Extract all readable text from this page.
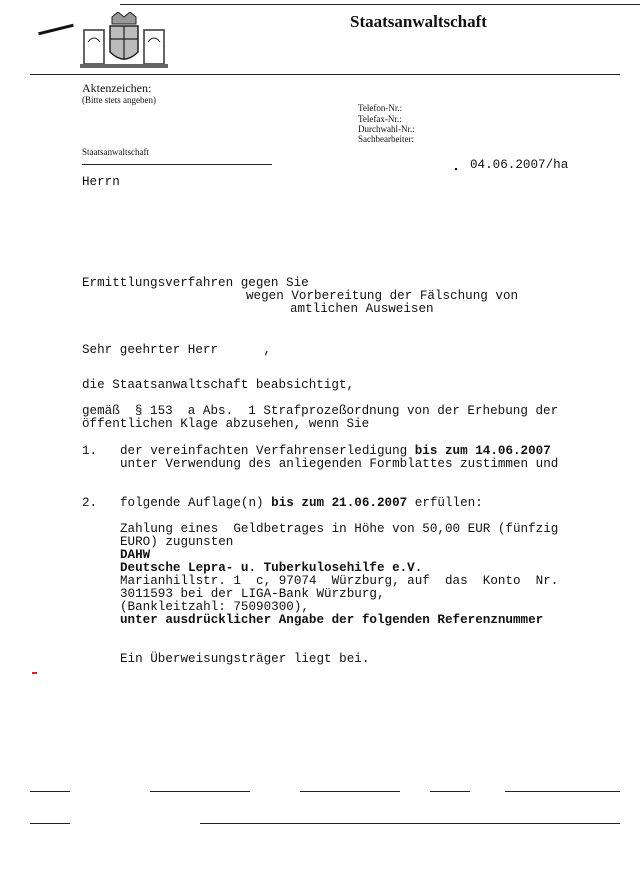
Staatsanwaltschaft
Aktenzeichen:
(Bitte stets angeben)
Telefon-Nr.:
Telefax-Nr.:
Durchwahl-Nr.:
Sachbearbeiter:
Staatsanwaltschaft
04.06.2007/ha
Herrn
Ermittlungsverfahren gegen Sie
wegen Vorbereitung der Fälschung von
amtlichen Ausweisen
Sehr geehrter Herr      ,
die Staatsanwaltschaft beabsichtigt,
gemäß  § 153  a Abs.  1 Strafprozeßordnung von der Erhebung der
öffentlichen Klage abzusehen, wenn Sie
1. der vereinfachten Verfahrenserledigung bis zum 14.06.2007
unter Verwendung des anliegenden Formblattes zustimmen und
2. folgende Auflage(n) bis zum 21.06.2007 erfüllen:
Zahlung eines  Geldbetrages in Höhe von 50,00 EUR (fünfzig
EURO) zugunsten
DAHW
Deutsche Lepra- u. Tuberkulosehilfe e.V.
Marianhillstr. 1  c, 97074  Würzburg, auf  das  Konto  Nr.
3011593 bei der LIGA-Bank Würzburg,
(Bankleitzahl: 75090300),
unter ausdrücklicher Angabe der folgenden Referenznummer
Ein Überweisungsträger liegt bei.
